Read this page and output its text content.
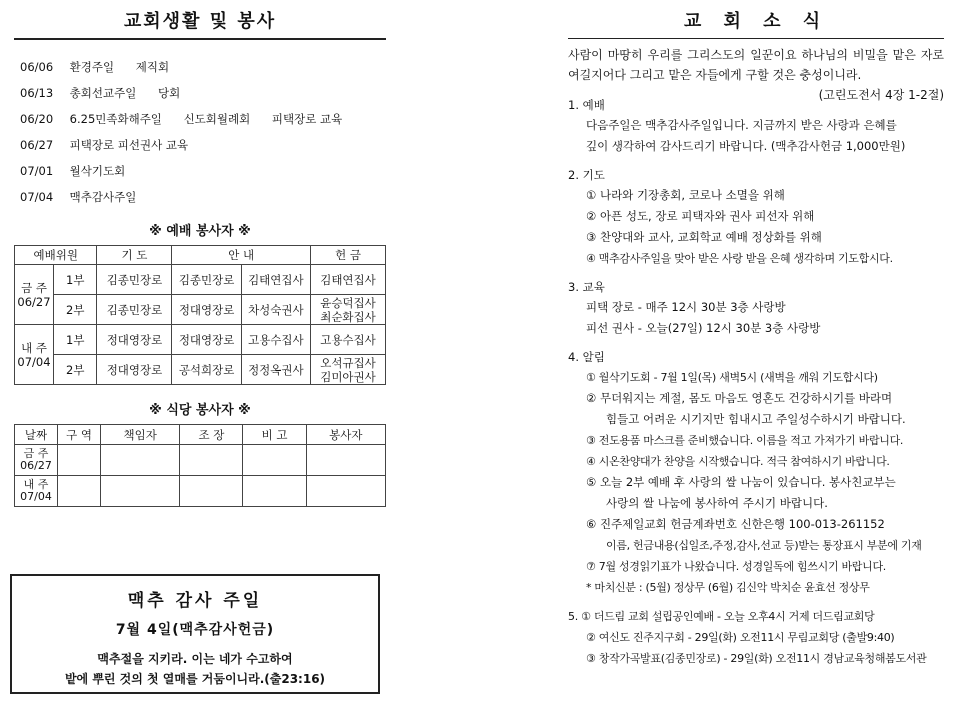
교회생활 및 봉사
06/06 환경주일 제직회
06/13 총회선교주일 당회
06/20 6.25민족화해주일 신도회월례회 피택장로 교육
06/27 피택장로 피선권사 교육
07/01 월삭기도회
07/04 맥추감사주일
※ 예배 봉사자 ※
예배위원		기 도	안 내		헌 금
금 주 06/27	1부	김종민장로	김종민장로	김태연집사	김태연집사
	2부	김종민장로	정대영장로	차성숙권사	윤승덕집사 최순화집사
내 주 07/04	1부	정대영장로	정대영장로	고용수집사	고용수집사
	2부	정대영장로	공석희장로	정정옥권사	오석규집사 김미아권사
※ 식당 봉사자 ※
날짜	구 역	책임자	조 장	비 고	봉사자
금 주 06/27					
내 주 07/04					
맥추 감사 주일
7월 4일(맥추감사헌금)
맥추절을 지키라. 이는 네가 수고하여
밭에 뿌린 것의 첫 열매를 거둠이니라.(출23:16)
교 회 소 식
사람이 마땅히 우리를 그리스도의 일꾼이요 하나님의 비밀을 맡은 자로 여길지어다 그리고 맡은 자들에게 구할 것은 충성이니라.
(고린도전서 4장 1-2절)
1. 예배
다음주일은 맥추감사주일입니다. 지금까지 받은 사랑과 은혜를
깊이 생각하여 감사드리기 바랍니다. (맥추감사헌금 1,000만원)
2. 기도
① 나라와 기장총회, 코로나 소멸을 위해
② 아픈 성도, 장로 피택자와 권사 피선자 위해
③ 찬양대와 교사, 교회학교 예배 정상화를 위해
④ 맥추감사주일을 맞아 받은 사랑 받을 은혜 생각하며 기도합시다.
3. 교육
피택 장로 - 매주 12시 30분 3층 사랑방
피선 권사 - 오늘(27일) 12시 30분 3층 사랑방
4. 알림
① 월삭기도회 - 7월 1일(목) 새벽5시 (새벽을 깨워 기도합시다)
② 무더워지는 계절, 몸도 마음도 영혼도 건강하시기를 바라며
힘들고 어려운 시기지만 힘내시고 주일성수하시기 바랍니다.
③ 전도용품 마스크를 준비했습니다. 이름을 적고 가져가기 바랍니다.
④ 시온찬양대가 찬양을 시작했습니다. 적극 참여하시기 바랍니다.
⑤ 오늘 2부 예배 후 사랑의 쌀 나눔이 있습니다. 봉사친교부는
사랑의 쌀 나눔에 봉사하여 주시기 바랍니다.
⑥ 진주제일교회 헌금계좌번호 신한은행 100-013-261152
이름, 헌금내용(십일조,주정,감사,선교 등)받는 통장표시 부분에 기재
⑦ 7월 성경읽기표가 나왔습니다. 성경일독에 힘쓰시기 바랍니다.
* 마치신분 : (5월) 정상무 (6월) 김신악 박치순 윤효선 정상무
5. ① 더드림 교회 설립공인예배 - 오늘 오후4시 거제 더드림교회당
② 여신도 진주지구회 - 29일(화) 오전11시 무림교회당 (출발9:40)
③ 창작가곡발표(김종민장로) - 29일(화) 오전11시 경남교육청해봄도서관
